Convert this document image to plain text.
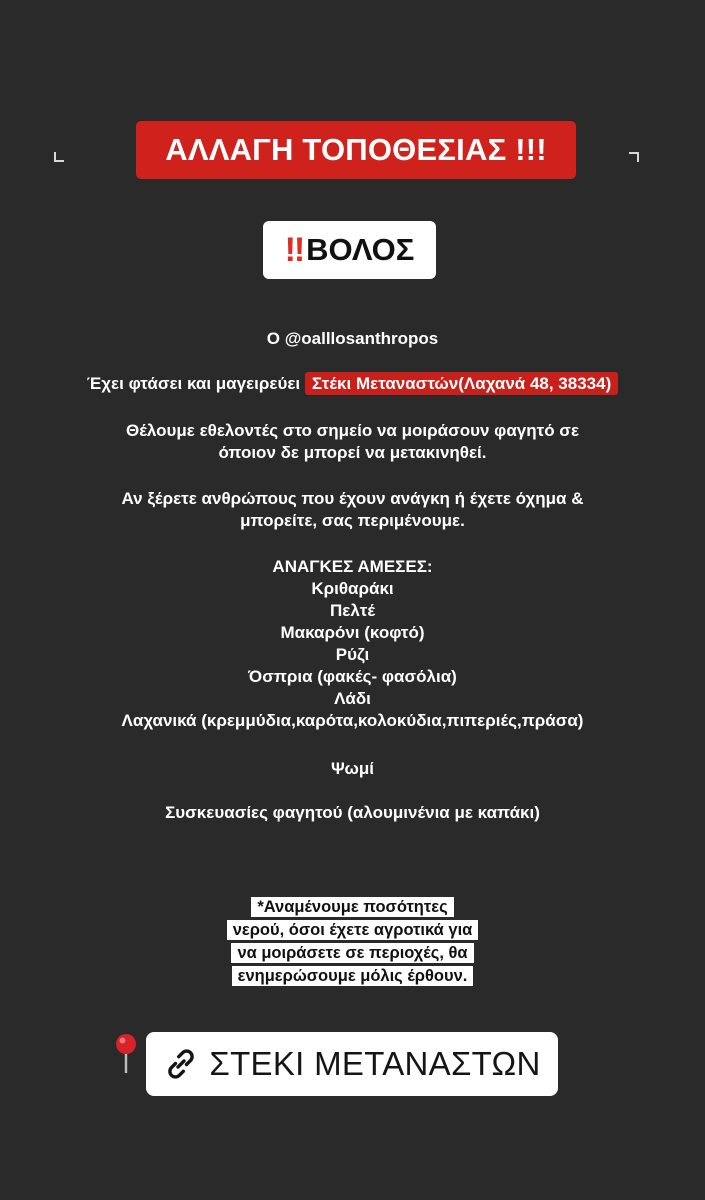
ΑΛΛΑΓΗ ΤΟΠΟΘΕΣΙΑΣ !!!
‼ ΒΟΛΟΣ
Ο @oalllosanthropos
Έχει φτάσει και μαγειρεύει Στέκι Μεταναστών(Λαχανά 48, 38334)
Θέλουμε εθελοντές στο σημείο να μοιράσουν φαγητό σε
όποιον δε μπορεί να μετακινηθεί.
Αν ξέρετε ανθρώπους που έχουν ανάγκη ή έχετε όχημα &
μπορείτε, σας περιμένουμε.
ΑΝΑΓΚΕΣ ΑΜΕΣΕΣ:
Κριθαράκι
Πελτέ
Μακαρόνι (κοφτό)
Ρύζι
Όσπρια (φακές- φασόλια)
Λάδι
Λαχανικά (κρεμμύδια,καρότα,κολοκύδια,πιπεριές,πράσα)
Ψωμί
Συσκευασίες φαγητού (αλουμινένια με καπάκι)
*Αναμένουμε ποσότητες
νερού, όσοι έχετε αγροτικά για
να μοιράσετε σε περιοχές, θα
ενημερώσουμε μόλις έρθουν.
ΣΤΕΚΙ ΜΕΤΑΝΑΣΤΩΝ
